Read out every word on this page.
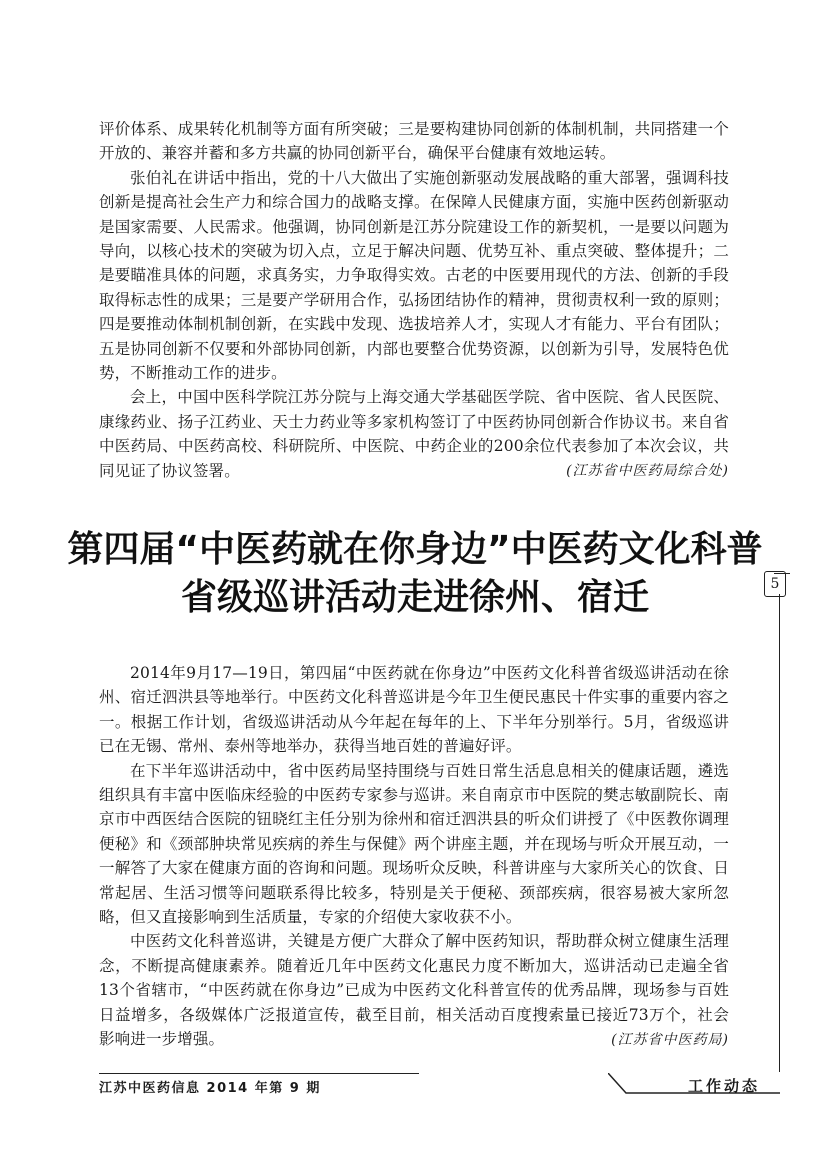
评价体系、成果转化机制等方面有所突破；三是要构建协同创新的体制机制，共同搭建一个开放的、兼容并蓄和多方共赢的协同创新平台，确保平台健康有效地运转。

张伯礼在讲话中指出，党的十八大做出了实施创新驱动发展战略的重大部署，强调科技创新是提高社会生产力和综合国力的战略支撑。在保障人民健康方面，实施中医药创新驱动是国家需要、人民需求。他强调，协同创新是江苏分院建设工作的新契机，一是要以问题为导向，以核心技术的突破为切入点，立足于解决问题、优势互补、重点突破、整体提升；二是要瞄准具体的问题，求真务实，力争取得实效。古老的中医要用现代的方法、创新的手段取得标志性的成果；三是要产学研用合作，弘扬团结协作的精神，贯彻责权利一致的原则；四是要推动体制机制创新，在实践中发现、选拔培养人才，实现人才有能力、平台有团队；五是协同创新不仅要和外部协同创新，内部也要整合优势资源，以创新为引导，发展特色优势，不断推动工作的进步。

会上，中国中医科学院江苏分院与上海交通大学基础医学院、省中医院、省人民医院、康缘药业、扬子江药业、天士力药业等多家机构签订了中医药协同创新合作协议书。来自省中医药局、中医药高校、科研院所、中医院、中药企业的200余位代表参加了本次会议，共同见证了协议签署。	(江苏省中医药局综合处)
第四届“中医药就在你身边”中医药文化科普
省级巡讲活动走进徐州、宿迁	5

2014年9月17—19日，第四届“中医药就在你身边”中医药文化科普省级巡讲活动在徐州、宿迁泗洪县等地举行。中医药文化科普巡讲是今年卫生便民惠民十件实事的重要内容之一。根据工作计划，省级巡讲活动从今年起在每年的上、下半年分别举行。5月，省级巡讲已在无锡、常州、泰州等地举办，获得当地百姓的普遍好评。

在下半年巡讲活动中，省中医药局坚持围绕与百姓日常生活息息相关的健康话题，遴选组织具有丰富中医临床经验的中医药专家参与巡讲。来自南京市中医院的樊志敏副院长、南京市中西医结合医院的钮晓红主任分别为徐州和宿迁泗洪县的听众们讲授了《中医教你调理便秘》和《颈部肿块常见疾病的养生与保健》两个讲座主题，并在现场与听众开展互动，一一解答了大家在健康方面的咨询和问题。现场听众反映，科普讲座与大家所关心的饮食、日常起居、生活习惯等问题联系得比较多，特别是关于便秘、颈部疾病，很容易被大家所忽略，但又直接影响到生活质量，专家的介绍使大家收获不小。

中医药文化科普巡讲，关键是方便广大群众了解中医药知识，帮助群众树立健康生活理念，不断提高健康素养。随着近几年中医药文化惠民力度不断加大，巡讲活动已走遍全省13个省辖市，“中医药就在你身边”已成为中医药文化科普宣传的优秀品牌，现场参与百姓日益增多，各级媒体广泛报道宣传，截至目前，相关活动百度搜索量已接近73万个，社会影响进一步增强。	(江苏省中医药局)
江苏中医药信息 2014 年第 9 期	工作动态
